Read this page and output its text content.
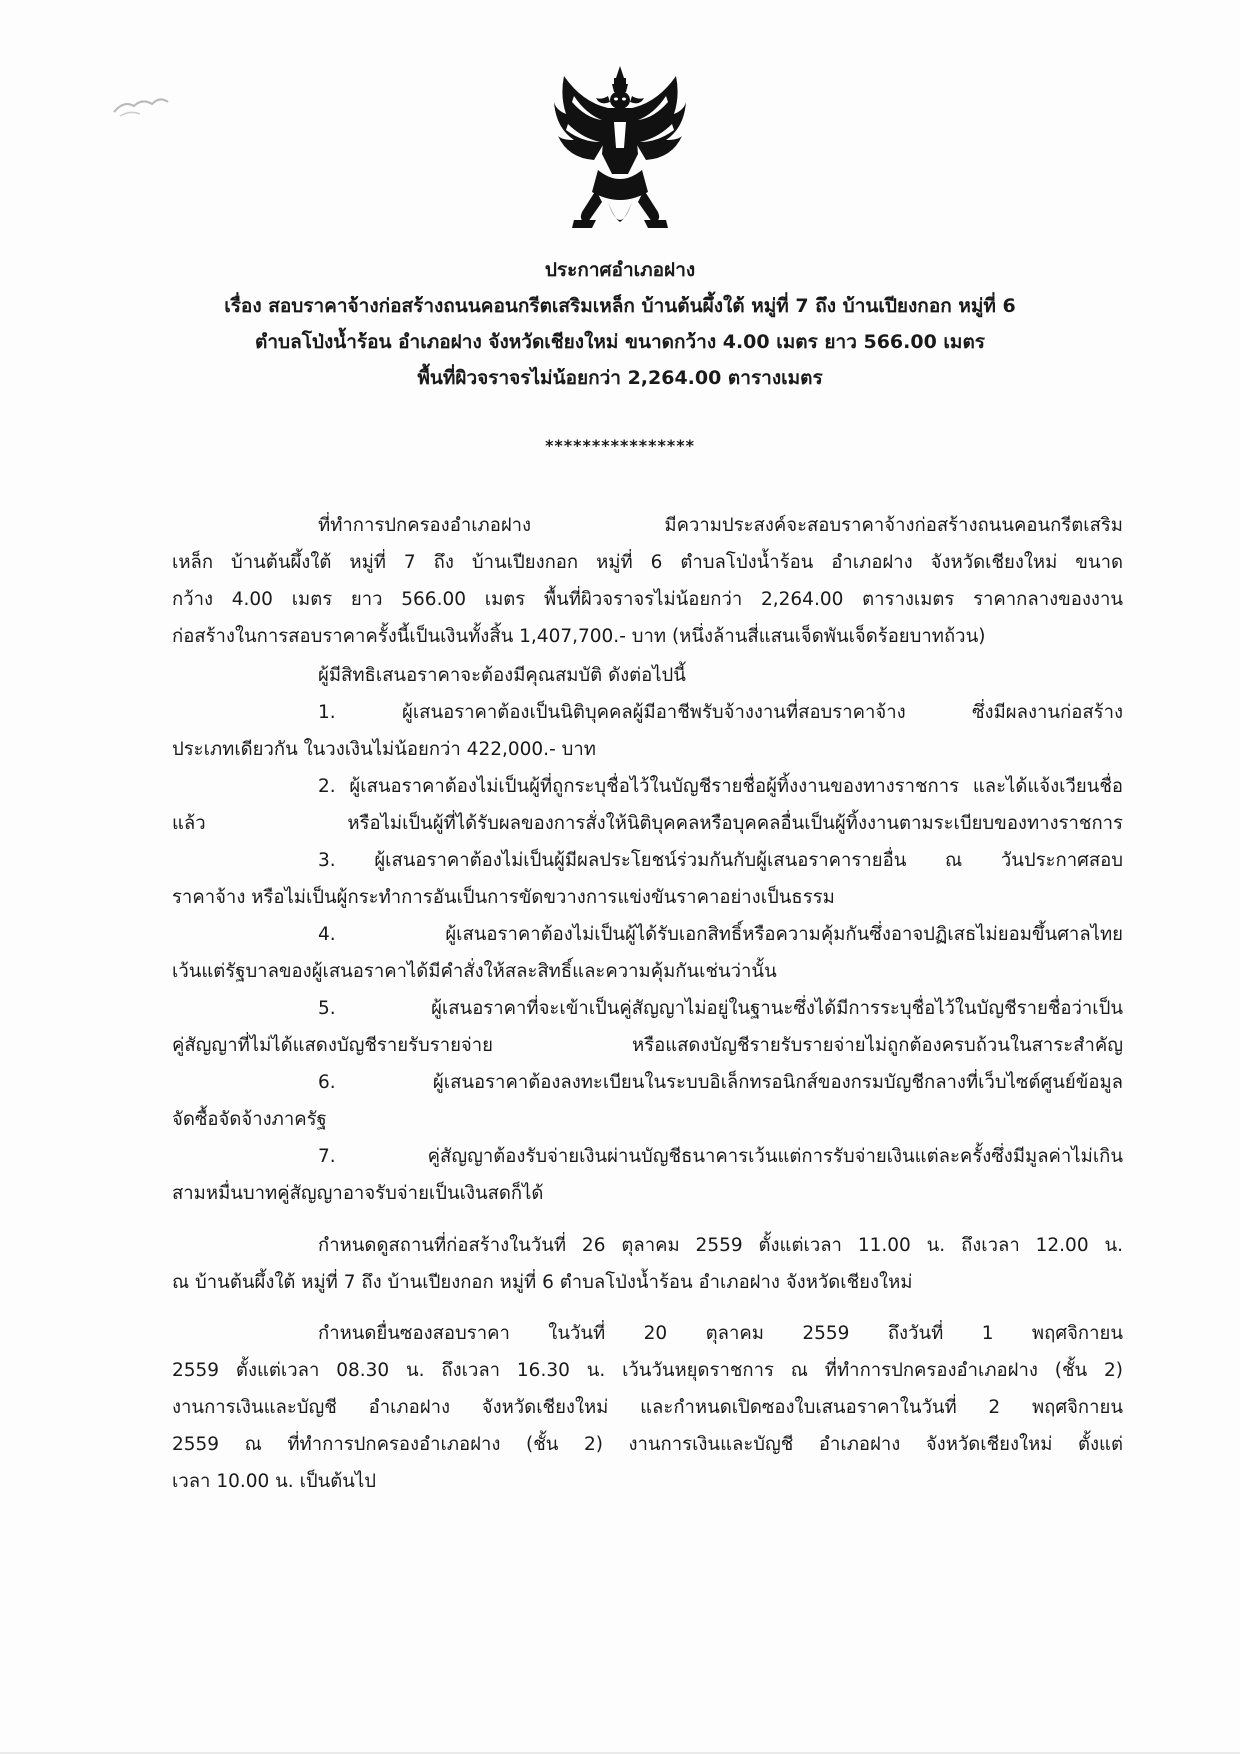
ประกาศอำเภอฝาง
เรื่อง สอบราคาจ้างก่อสร้างถนนคอนกรีตเสริมเหล็ก บ้านต้นผึ้งใต้ หมู่ที่ 7 ถึง บ้านเปียงกอก หมู่ที่ 6
ตำบลโป่งน้ำร้อน อำเภอฝาง จังหวัดเชียงใหม่ ขนาดกว้าง 4.00 เมตร ยาว 566.00 เมตร
พื้นที่ผิวจราจรไม่น้อยกว่า 2,264.00 ตารางเมตร
****************
ที่ทำการปกครองอำเภอฝาง มีความประสงค์จะสอบราคาจ้างก่อสร้างถนนคอนกรีตเสริม
เหล็ก บ้านต้นผึ้งใต้ หมู่ที่ 7 ถึง บ้านเปียงกอก หมู่ที่ 6 ตำบลโป่งน้ำร้อน อำเภอฝาง จังหวัดเชียงใหม่ ขนาด
กว้าง 4.00 เมตร ยาว 566.00 เมตร พื้นที่ผิวจราจรไม่น้อยกว่า 2,264.00 ตารางเมตร ราคากลางของงาน
ก่อสร้างในการสอบราคาครั้งนี้เป็นเงินทั้งสิ้น 1,407,700.- บาท (หนึ่งล้านสี่แสนเจ็ดพันเจ็ดร้อยบาทถ้วน)
ผู้มีสิทธิเสนอราคาจะต้องมีคุณสมบัติ ดังต่อไปนี้
1. ผู้เสนอราคาต้องเป็นนิติบุคคลผู้มีอาชีพรับจ้างงานที่สอบราคาจ้าง ซึ่งมีผลงานก่อสร้าง
ประเภทเดียวกัน ในวงเงินไม่น้อยกว่า 422,000.- บาท
2. ผู้เสนอราคาต้องไม่เป็นผู้ที่ถูกระบุชื่อไว้ในบัญชีรายชื่อผู้ทิ้งงานของทางราชการ และได้แจ้งเวียนชื่อ
แล้ว หรือไม่เป็นผู้ที่ได้รับผลของการสั่งให้นิติบุคคลหรือบุคคลอื่นเป็นผู้ทิ้งงานตามระเบียบของทางราชการ
3. ผู้เสนอราคาต้องไม่เป็นผู้มีผลประโยชน์ร่วมกันกับผู้เสนอราคารายอื่น ณ วันประกาศสอบ
ราคาจ้าง หรือไม่เป็นผู้กระทำการอันเป็นการขัดขวางการแข่งขันราคาอย่างเป็นธรรม
4. ผู้เสนอราคาต้องไม่เป็นผู้ได้รับเอกสิทธิ์หรือความคุ้มกันซึ่งอาจปฏิเสธไม่ยอมขึ้นศาลไทย
เว้นแต่รัฐบาลของผู้เสนอราคาได้มีคำสั่งให้สละสิทธิ์และความคุ้มกันเช่นว่านั้น
5. ผู้เสนอราคาที่จะเข้าเป็นคู่สัญญาไม่อยู่ในฐานะซึ่งได้มีการระบุชื่อไว้ในบัญชีรายชื่อว่าเป็น
คู่สัญญาที่ไม่ได้แสดงบัญชีรายรับรายจ่าย หรือแสดงบัญชีรายรับรายจ่ายไม่ถูกต้องครบถ้วนในสาระสำคัญ
6. ผู้เสนอราคาต้องลงทะเบียนในระบบอิเล็กทรอนิกส์ของกรมบัญชีกลางที่เว็บไซต์ศูนย์ข้อมูล
จัดซื้อจัดจ้างภาครัฐ
7. คู่สัญญาต้องรับจ่ายเงินผ่านบัญชีธนาคารเว้นแต่การรับจ่ายเงินแต่ละครั้งซึ่งมีมูลค่าไม่เกิน
สามหมื่นบาทคู่สัญญาอาจรับจ่ายเป็นเงินสดก็ได้
กำหนดดูสถานที่ก่อสร้างในวันที่ 26 ตุลาคม 2559 ตั้งแต่เวลา 11.00 น. ถึงเวลา 12.00 น.
ณ บ้านต้นผึ้งใต้ หมู่ที่ 7 ถึง บ้านเปียงกอก หมู่ที่ 6 ตำบลโป่งน้ำร้อน อำเภอฝาง จังหวัดเชียงใหม่
กำหนดยื่นซองสอบราคา ในวันที่ 20 ตุลาคม 2559 ถึงวันที่ 1 พฤศจิกายน
2559 ตั้งแต่เวลา 08.30 น. ถึงเวลา 16.30 น. เว้นวันหยุดราชการ ณ ที่ทำการปกครองอำเภอฝาง (ชั้น 2)
งานการเงินและบัญชี อำเภอฝาง จังหวัดเชียงใหม่ และกำหนดเปิดซองใบเสนอราคาในวันที่ 2 พฤศจิกายน
2559 ณ ที่ทำการปกครองอำเภอฝาง (ชั้น 2) งานการเงินและบัญชี อำเภอฝาง จังหวัดเชียงใหม่ ตั้งแต่
เวลา 10.00 น. เป็นต้นไป
